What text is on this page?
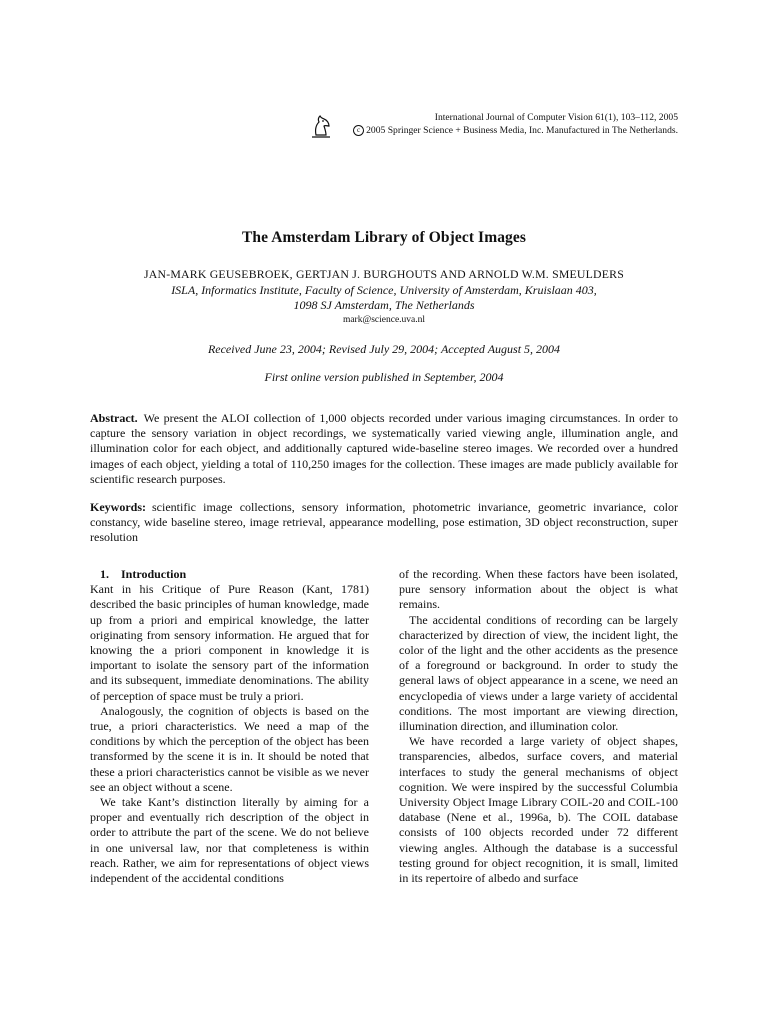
International Journal of Computer Vision 61(1), 103–112, 2005
c 2005 Springer Science + Business Media, Inc. Manufactured in The Netherlands.
The Amsterdam Library of Object Images
JAN-MARK GEUSEBROEK, GERTJAN J. BURGHOUTS AND ARNOLD W.M. SMEULDERS
ISLA, Informatics Institute, Faculty of Science, University of Amsterdam, Kruislaan 403,
1098 SJ Amsterdam, The Netherlands
mark@science.uva.nl
Received June 23, 2004; Revised July 29, 2004; Accepted August 5, 2004
First online version published in September, 2004
Abstract. We present the ALOI collection of 1,000 objects recorded under various imaging circumstances. In order to capture the sensory variation in object recordings, we systematically varied viewing angle, illumination angle, and illumination color for each object, and additionally captured wide-baseline stereo images. We recorded over a hundred images of each object, yielding a total of 110,250 images for the collection. These images are made publicly available for scientific research purposes.
Keywords: scientific image collections, sensory information, photometric invariance, geometric invariance, color constancy, wide baseline stereo, image retrieval, appearance modelling, pose estimation, 3D object reconstruction, super resolution

1. Introduction

Kant in his Critique of Pure Reason (Kant, 1781) described the basic principles of human knowledge, made up from a priori and empirical knowledge, the latter originating from sensory information. He argued that for knowing the a priori component in knowledge it is important to isolate the sensory part of the information and its subsequent, immediate denominations. The ability of perception of space must be truly a priori.

Analogously, the cognition of objects is based on the true, a priori characteristics. We need a map of the conditions by which the perception of the object has been transformed by the scene it is in. It should be noted that these a priori characteristics cannot be visible as we never see an object without a scene.

We take Kant’s distinction literally by aiming for a proper and eventually rich description of the object in order to attribute the part of the scene. We do not believe in one universal law, nor that completeness is within reach. Rather, we aim for representations of object views independent of the accidental conditions

of the recording. When these factors have been isolated, pure sensory information about the object is what remains.

The accidental conditions of recording can be largely characterized by direction of view, the incident light, the color of the light and the other accidents as the presence of a foreground or background. In order to study the general laws of object appearance in a scene, we need an encyclopedia of views under a large variety of accidental conditions. The most important are viewing direction, illumination direction, and illumination color.

We have recorded a large variety of object shapes, transparencies, albedos, surface covers, and material interfaces to study the general mechanisms of object cognition. We were inspired by the successful Columbia University Object Image Library COIL-20 and COIL-100 database (Nene et al., 1996a, b). The COIL database consists of 100 objects recorded under 72 different viewing angles. Although the database is a successful testing ground for object recognition, it is small, limited in its repertoire of albedo and surface
